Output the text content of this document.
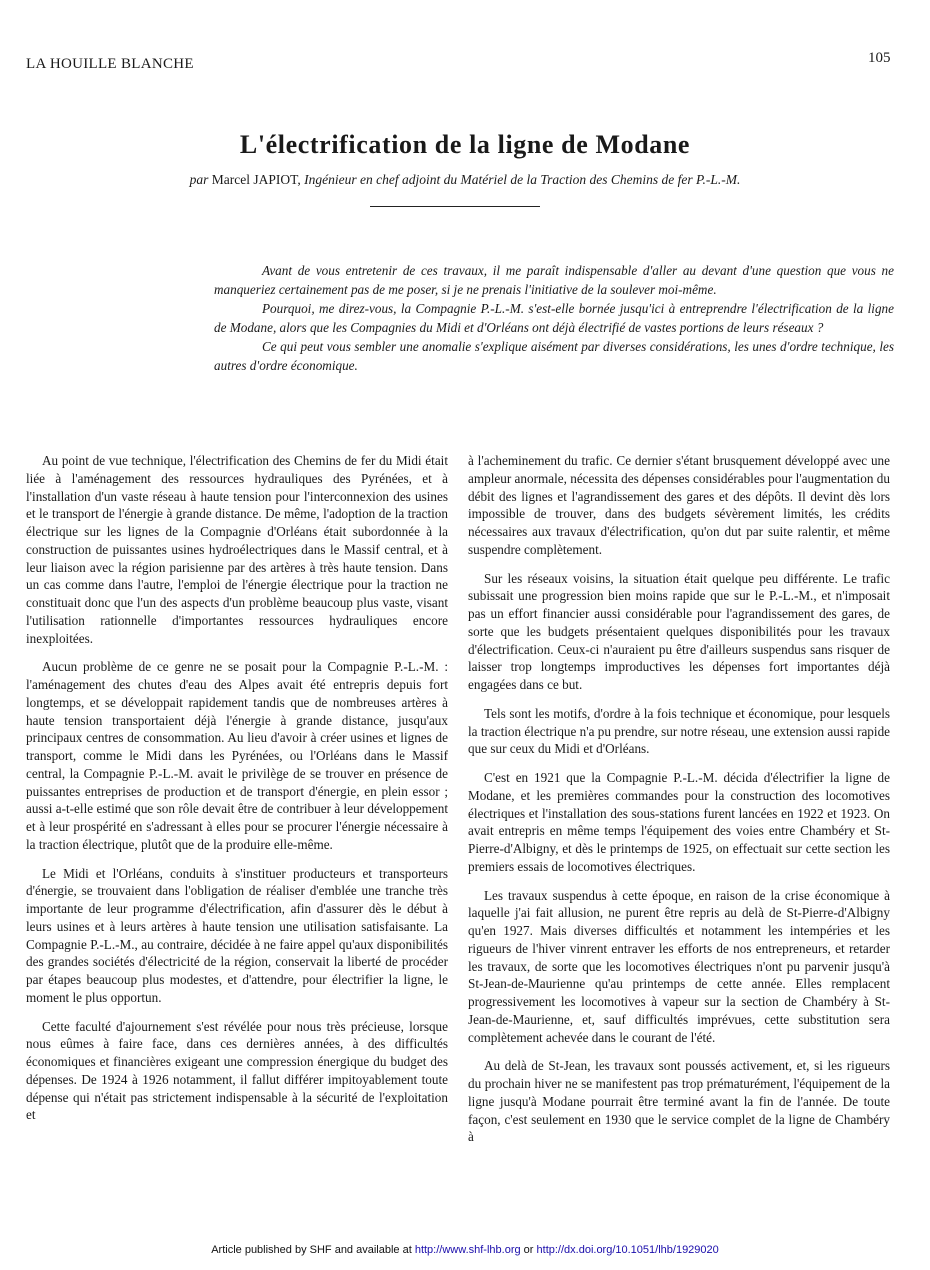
LA HOUILLE BLANCHE	105
L'électrification de la ligne de Modane
par Marcel JAPIOT, Ingénieur en chef adjoint du Matériel de la Traction des Chemins de fer P.-L.-M.

Avant de vous entretenir de ces travaux, il me paraît indispensable d'aller au devant d'une question que vous ne manqueriez certainement pas de me poser, si je ne prenais l'initiative de la soulever moi-même.

Pourquoi, me direz-vous, la Compagnie P.-L.-M. s'est-elle bornée jusqu'ici à entreprendre l'électrification de la ligne de Modane, alors que les Compagnies du Midi et d'Orléans ont déjà électrifié de vastes portions de leurs réseaux ?

Ce qui peut vous sembler une anomalie s'explique aisément par diverses considérations, les unes d'ordre technique, les autres d'ordre économique.

Au point de vue technique, l'électrification des Chemins de fer du Midi était liée à l'aménagement des ressources hydrauliques des Pyrénées, et à l'installation d'un vaste réseau à haute tension pour l'interconnexion des usines et le transport de l'énergie à grande distance. De même, l'adoption de la traction électrique sur les lignes de la Compagnie d'Orléans était subordonnée à la construction de puissantes usines hydroélectriques dans le Massif central, et à leur liaison avec la région parisienne par des artères à très haute tension. Dans un cas comme dans l'autre, l'emploi de l'énergie électrique pour la traction ne constituait donc que l'un des aspects d'un problème beaucoup plus vaste, visant l'utilisation rationnelle d'importantes ressources hydrauliques encore inexploitées.

Aucun problème de ce genre ne se posait pour la Compagnie P.-L.-M. : l'aménagement des chutes d'eau des Alpes avait été entrepris depuis fort longtemps, et se développait rapidement tandis que de nombreuses artères à haute tension transportaient déjà l'énergie à grande distance, jusqu'aux principaux centres de consommation. Au lieu d'avoir à créer usines et lignes de transport, comme le Midi dans les Pyrénées, ou l'Orléans dans le Massif central, la Compagnie P.-L.-M. avait le privilège de se trouver en présence de puissantes entreprises de production et de transport d'énergie, en plein essor ; aussi a-t-elle estimé que son rôle devait être de contribuer à leur développement et à leur prospérité en s'adressant à elles pour se procurer l'énergie nécessaire à la traction électrique, plutôt que de la produire elle-même.

Le Midi et l'Orléans, conduits à s'instituer producteurs et transporteurs d'énergie, se trouvaient dans l'obligation de réaliser d'emblée une tranche très importante de leur programme d'électrification, afin d'assurer dès le début à leurs usines et à leurs artères à haute tension une utilisation satisfaisante. La Compagnie P.-L.-M., au contraire, décidée à ne faire appel qu'aux disponibilités des grandes sociétés d'électricité de la région, conservait la liberté de procéder par étapes beaucoup plus modestes, et d'attendre, pour électrifier la ligne, le moment le plus opportun.

Cette faculté d'ajournement s'est révélée pour nous très précieuse, lorsque nous eûmes à faire face, dans ces dernières années, à des difficultés économiques et financières exigeant une compression énergique du budget des dépenses. De 1924 à 1926 notamment, il fallut différer impitoyablement toute dépense qui n'était pas strictement indispensable à la sécurité de l'exploitation et

à l'acheminement du trafic. Ce dernier s'étant brusquement développé avec une ampleur anormale, nécessita des dépenses considérables pour l'augmentation du débit des lignes et l'agrandissement des gares et des dépôts. Il devint dès lors impossible de trouver, dans des budgets sévèrement limités, les crédits nécessaires aux travaux d'électrification, qu'on dut par suite ralentir, et même suspendre complètement.

Sur les réseaux voisins, la situation était quelque peu différente. Le trafic subissait une progression bien moins rapide que sur le P.-L.-M., et n'imposait pas un effort financier aussi considérable pour l'agrandissement des gares, de sorte que les budgets présentaient quelques disponibilités pour les travaux d'électrification. Ceux-ci n'auraient pu être d'ailleurs suspendus sans risquer de laisser trop longtemps improductives les dépenses fort importantes déjà engagées dans ce but.

Tels sont les motifs, d'ordre à la fois technique et économique, pour lesquels la traction électrique n'a pu prendre, sur notre réseau, une extension aussi rapide que sur ceux du Midi et d'Orléans.

C'est en 1921 que la Compagnie P.-L.-M. décida d'électrifier la ligne de Modane, et les premières commandes pour la construction des locomotives électriques et l'installation des sous-stations furent lancées en 1922 et 1923. On avait entrepris en même temps l'équipement des voies entre Chambéry et St-Pierre-d'Albigny, et dès le printemps de 1925, on effectuait sur cette section les premiers essais de locomotives électriques.

Les travaux suspendus à cette époque, en raison de la crise économique à laquelle j'ai fait allusion, ne purent être repris au delà de St-Pierre-d'Albigny qu'en 1927. Mais diverses difficultés et notamment les intempéries et les rigueurs de l'hiver vinrent entraver les efforts de nos entrepreneurs, et retarder les travaux, de sorte que les locomotives électriques n'ont pu parvenir jusqu'à St-Jean-de-Maurienne qu'au printemps de cette année. Elles remplacent progressivement les locomotives à vapeur sur la section de Chambéry à St-Jean-de-Maurienne, et, sauf difficultés imprévues, cette substitution sera complètement achevée dans le courant de l'été.

Au delà de St-Jean, les travaux sont poussés activement, et, si les rigueurs du prochain hiver ne se manifestent pas trop prématurément, l'équipement de la ligne jusqu'à Modane pourrait être terminé avant la fin de l'année. De toute façon, c'est seulement en 1930 que le service complet de la ligne de Chambéry à

Article published by SHF and available at http://www.shf-lhb.org or http://dx.doi.org/10.1051/lhb/1929020
